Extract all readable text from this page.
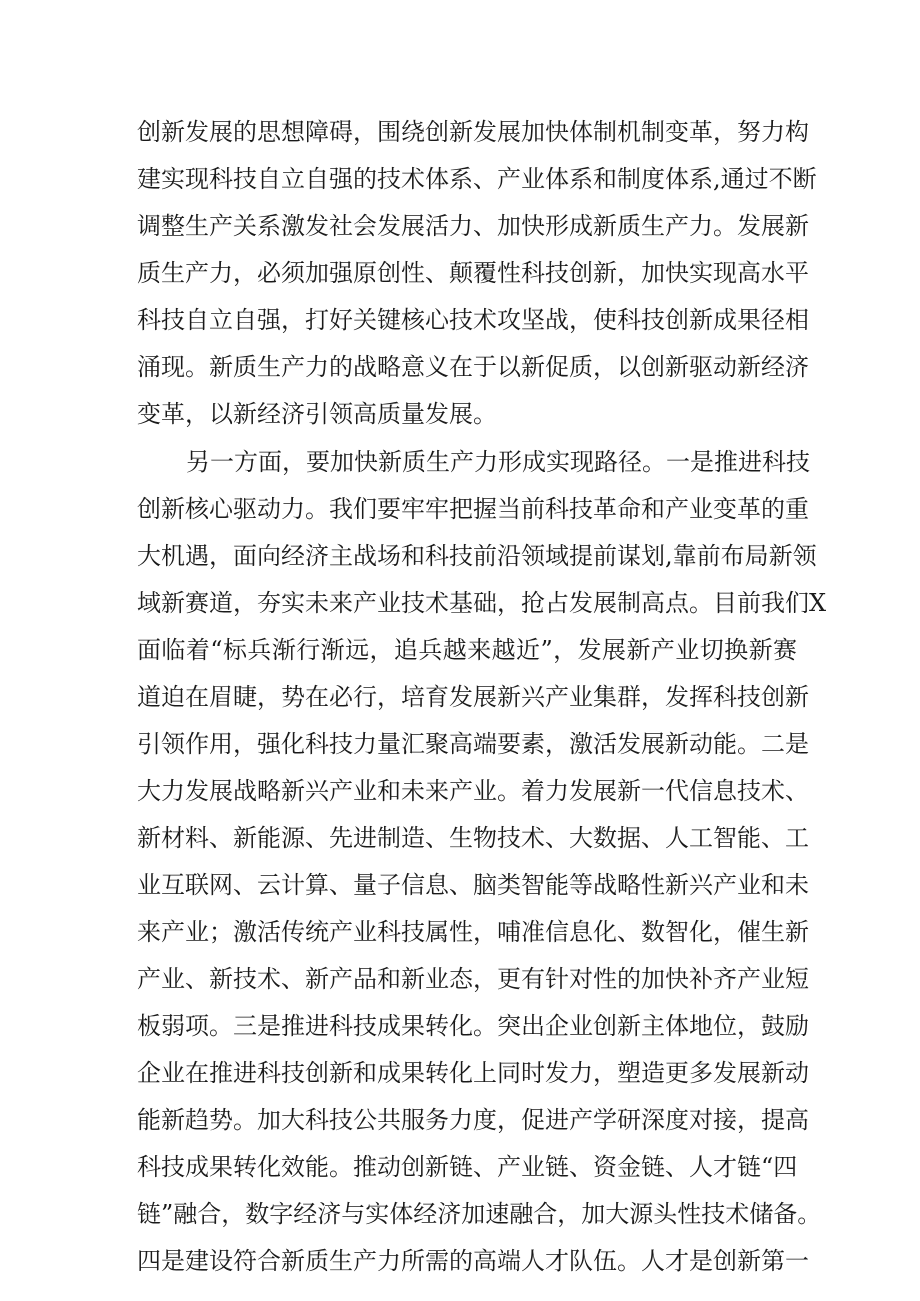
创新发展的思想障碍，围绕创新发展加快体制机制变革，努力构
建实现科技自立自强的技术体系、产业体系和制度体系,通过不断
调整生产关系激发社会发展活力、加快形成新质生产力。发展新
质生产力，必须加强原创性、颠覆性科技创新，加快实现高水平
科技自立自强，打好关键核心技术攻坚战，使科技创新成果径相
涌现。新质生产力的战略意义在于以新促质，以创新驱动新经济
变革，以新经济引领高质量发展。
另一方面，要加快新质生产力形成实现路径。一是推进科技
创新核心驱动力。我们要牢牢把握当前科技革命和产业变革的重
大机遇，面向经济主战场和科技前沿领域提前谋划,靠前布局新领
域新赛道，夯实未来产业技术基础，抢占发展制高点。目前我们X
面临着“标兵渐行渐远，追兵越来越近”，发展新产业切换新赛
道迫在眉睫，势在必行，培育发展新兴产业集群，发挥科技创新
引领作用，强化科技力量汇聚高端要素，激活发展新动能。二是
大力发展战略新兴产业和未来产业。着力发展新一代信息技术、
新材料、新能源、先进制造、生物技术、大数据、人工智能、工
业互联网、云计算、量子信息、脑类智能等战略性新兴产业和未
来产业；激活传统产业科技属性，哺准信息化、数智化，催生新
产业、新技术、新产品和新业态，更有针对性的加快补齐产业短
板弱项。三是推进科技成果转化。突出企业创新主体地位，鼓励
企业在推进科技创新和成果转化上同时发力，塑造更多发展新动
能新趋势。加大科技公共服务力度，促进产学研深度对接，提高
科技成果转化效能。推动创新链、产业链、资金链、人才链“四
链”融合，数字经济与实体经济加速融合，加大源头性技术储备。
四是建设符合新质生产力所需的高端人才队伍。人才是创新第一
